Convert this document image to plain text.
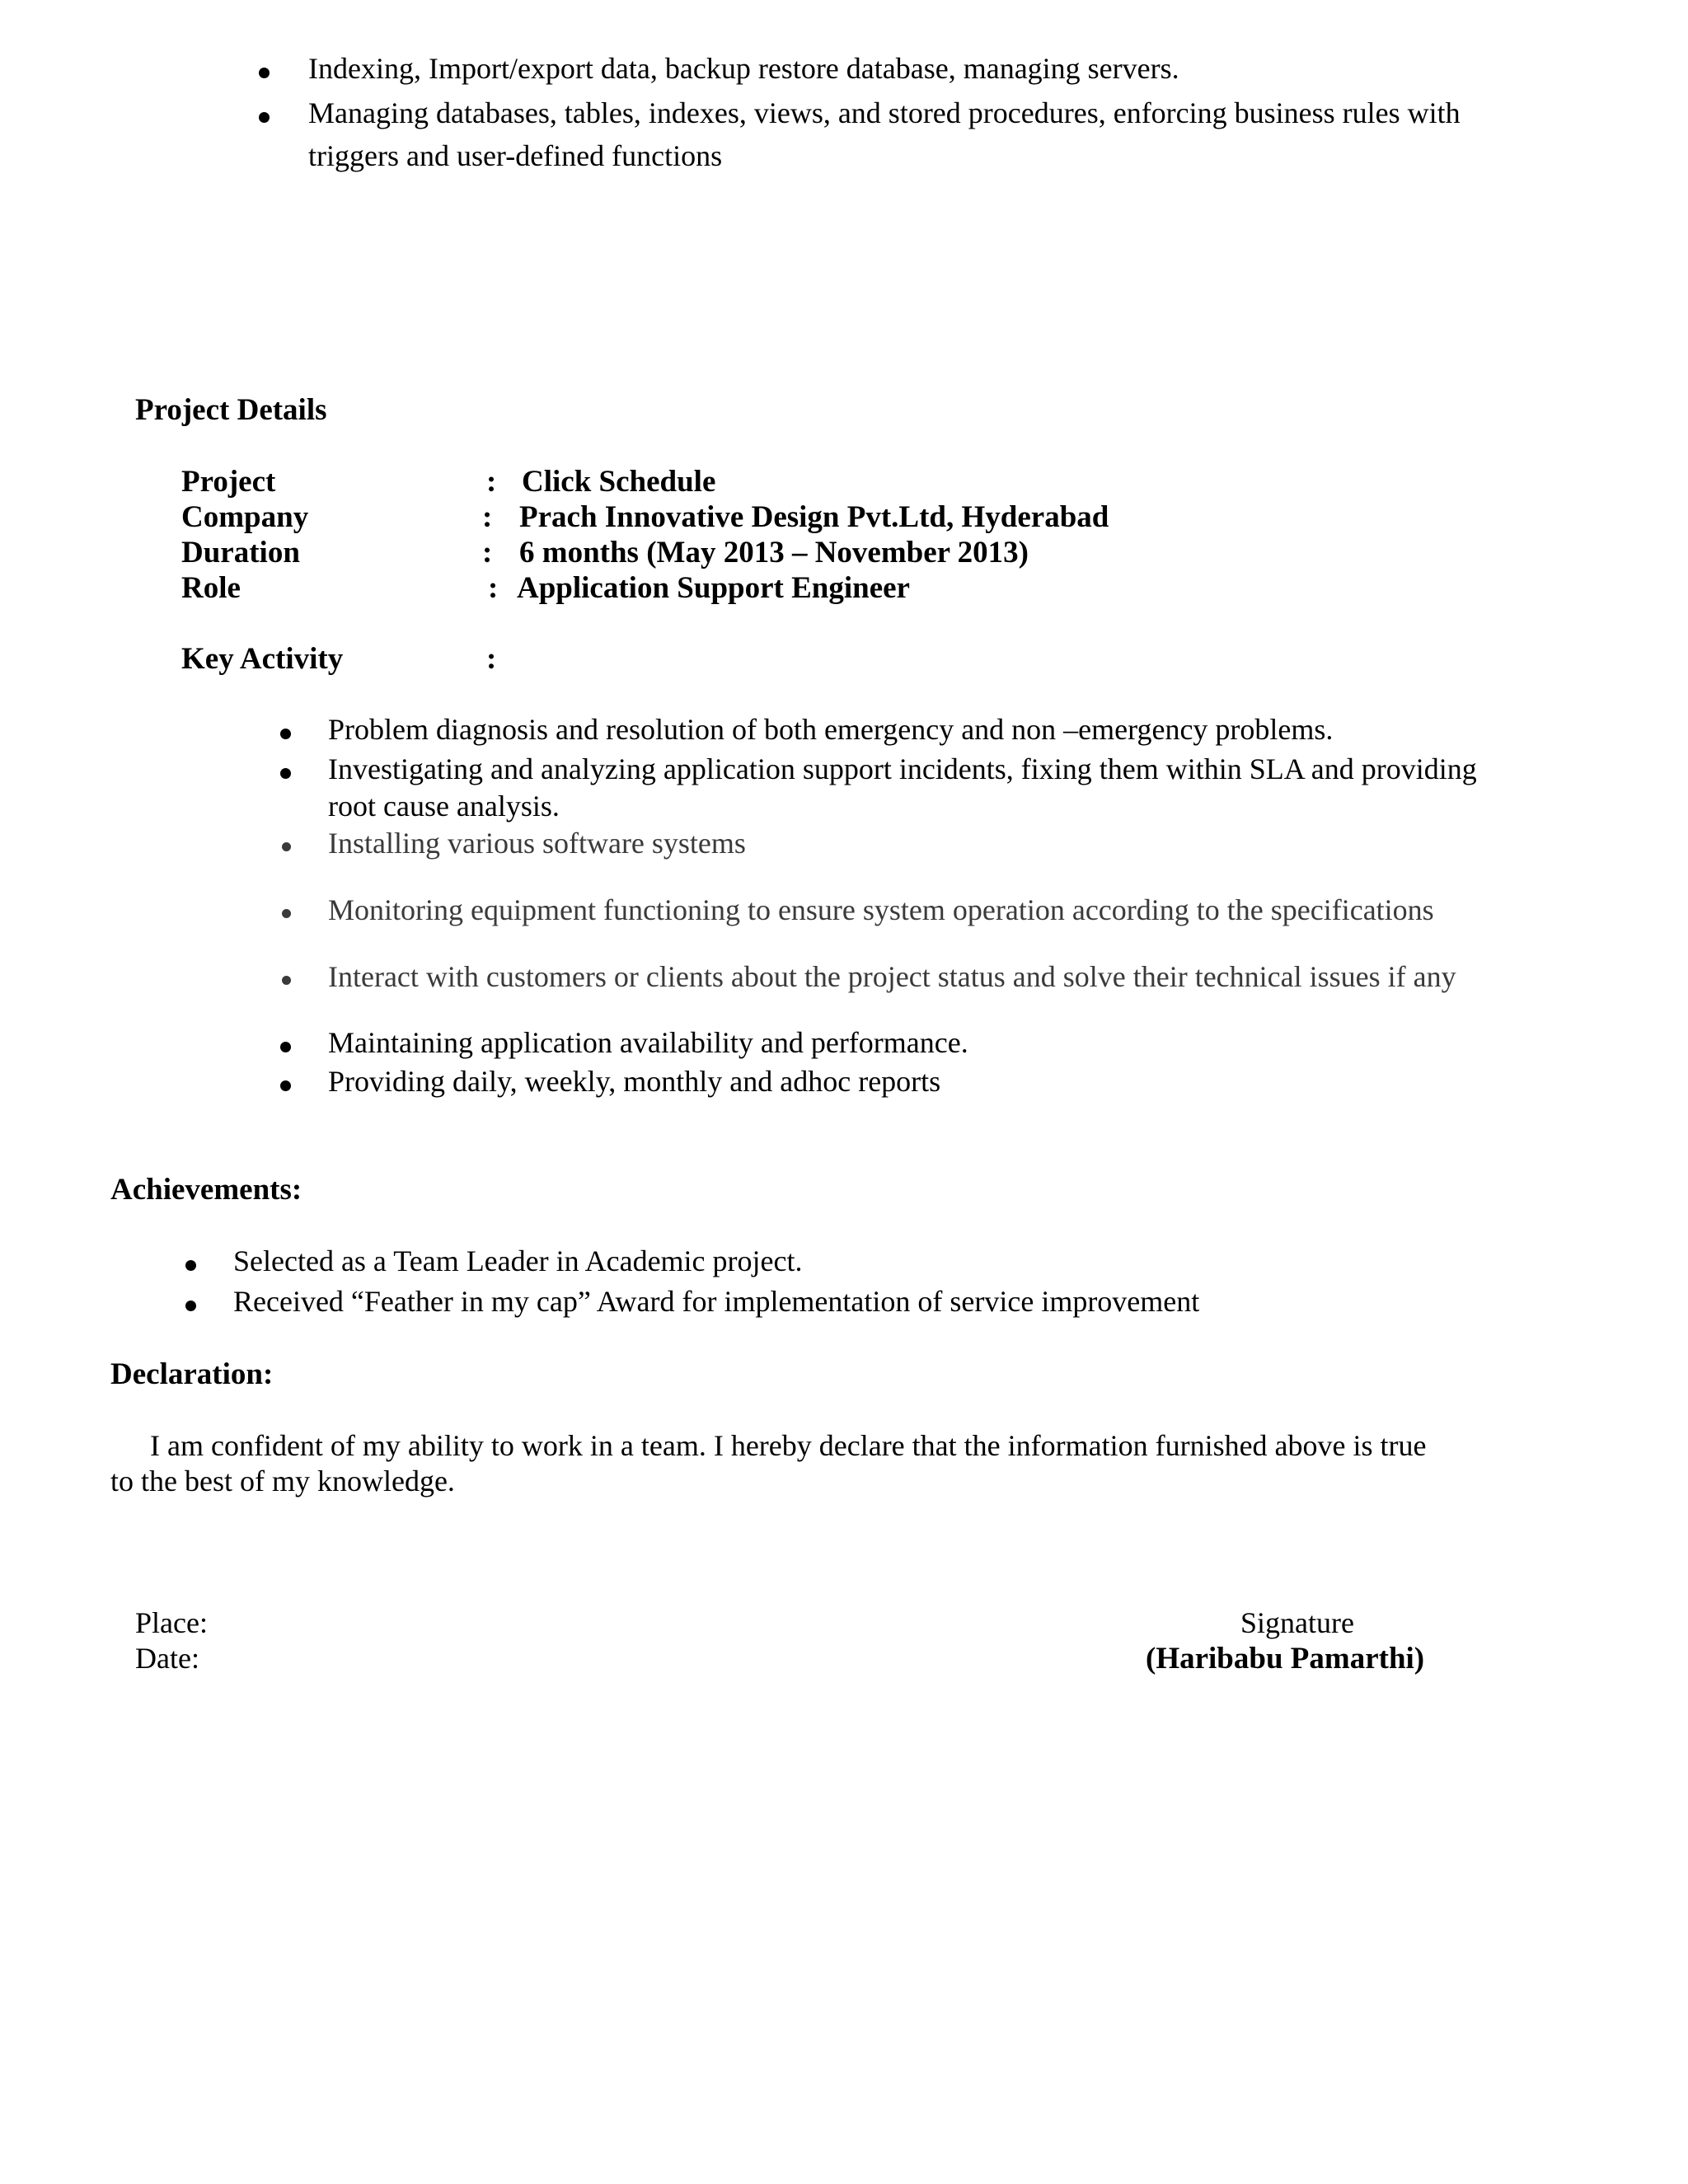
Indexing, Import/export data, backup restore database, managing servers.
Managing databases, tables, indexes, views, and stored procedures, enforcing business rules with
triggers and user-defined functions
Project Details
Project	: Click Schedule
Company	: Prach Innovative Design Pvt.Ltd, Hyderabad
Duration	: 6 months (May 2013 – November 2013)
Role	: Application Support Engineer
Key Activity	:
Problem diagnosis and resolution of both emergency and non –emergency problems.
Investigating and analyzing application support incidents, fixing them within SLA and providing
root cause analysis.
Installing various software systems
Monitoring equipment functioning to ensure system operation according to the specifications
Interact with customers or clients about the project status and solve their technical issues if any
Maintaining application availability and performance.
Providing daily, weekly, monthly and adhoc reports
Achievements:
Selected as a Team Leader in Academic project.
Received “Feather in my cap” Award for implementation of service improvement
Declaration:
I am confident of my ability to work in a team. I hereby declare that the information furnished above is true
to the best of my knowledge.
Place:
Date:
Signature
(Haribabu Pamarthi)
